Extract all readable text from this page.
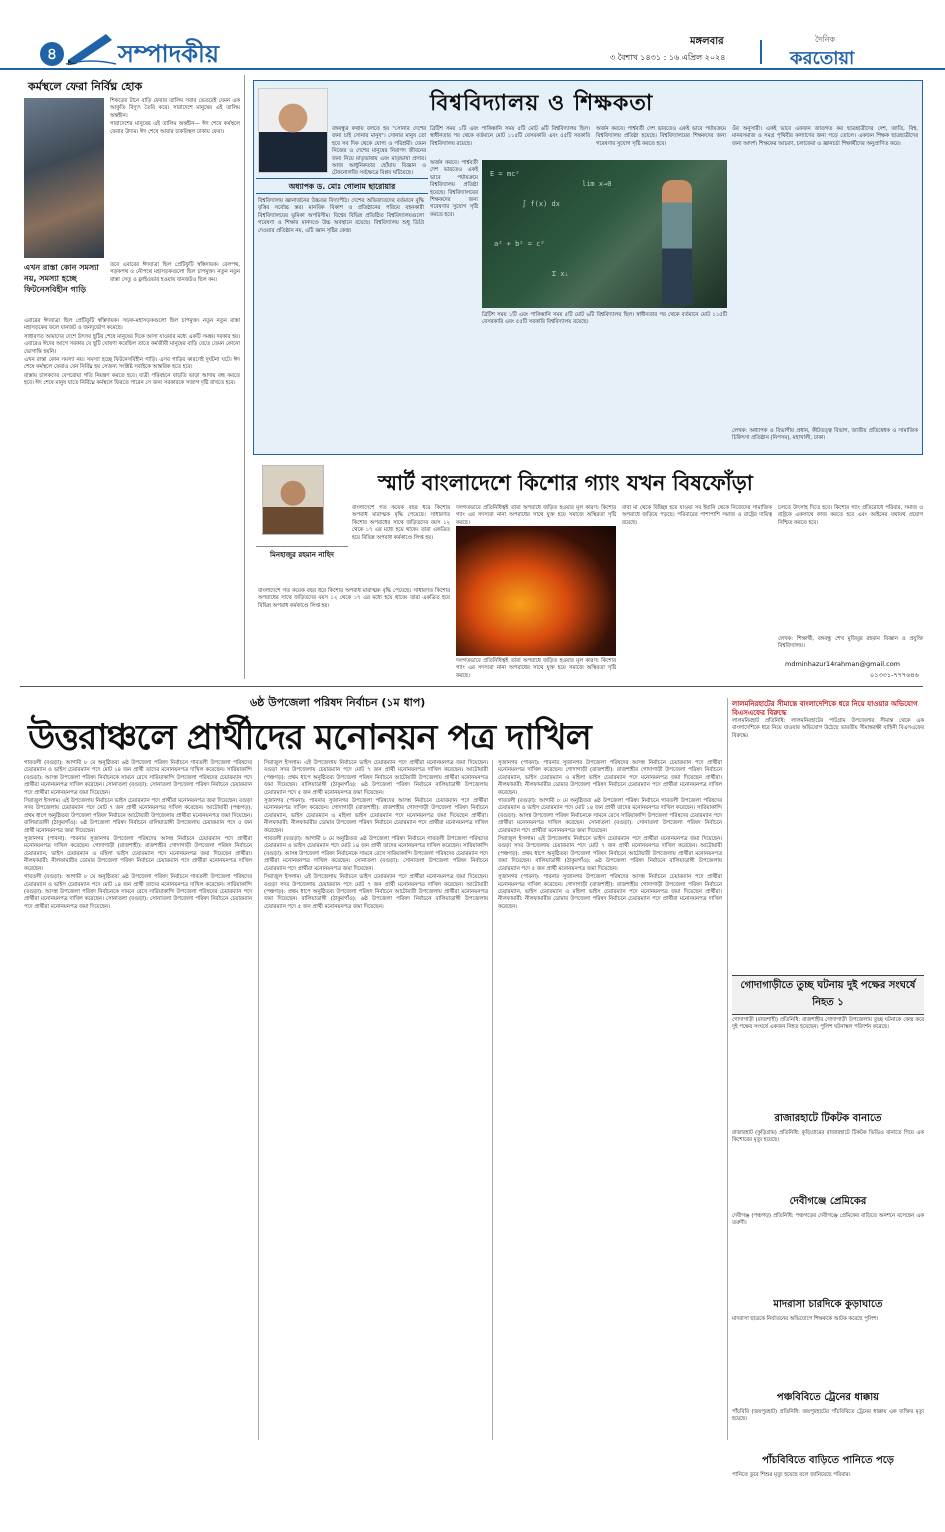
৪	সম্পাদকীয়	মঙ্গলবার
৩ বৈশাখ ১৪৩১ : ১৬ এপ্রিল ২০২৪
দৈনিক
করতোয়া
কর্মস্থলে ফেরা নির্বিঘ্ন হোক

শিকড়ের টানে বাড়ি ফেরার তালিম সবার ভেতরেই যেমন এক আকুতি বিদ্যুৎ তৈরি করে। সারাদেশে মানুষের এই তালিম অন্তহীন।

সারাদেশের মানুষের এই তালিম অন্তহীন— ঈদ শেষে কর্মস্থলে ফেরার উদ্যম। ঈদ শেষে আবার চাকরিস্থল ঢাকায় ফেরা।

এখন রাস্তা কোন সমস্যা নয়, সমস্যা হচ্ছে ফিটনেসবিহীন গাড়ি

তবে এবারের ঈদযাত্রা ছিল প্রেটিফুটি স্বস্তিদায়ক। রেলপথ, সড়কপথ ও নৌপথে মহাসড়কগুলো ছিল চাপমুক্ত। নতুন নতুন রাস্তা সেতু ও ফ্লাইওভার হওয়ায় যানজটও ছিল কম।

এবারের ঈদযাত্রা ছিল প্রেটিফুটি স্বস্তিদায়ক। সড়ক-মহাসড়কগুলো ছিল চাপমুক্ত। নতুন নতুন রাস্তা মহাসড়কের ফলে যানজট ও জনদুর্ভোগ কমেছে।

সাধারণত আমাদের দেশে উৎসব ছুটির শেষে মানুষের দিকে আসা যাওয়ার মধ্যে একটি সমন্বয় দরকার হয়। এবারেও ঈদের আগে সরকার যে ছুটি ঘোষণা করেছিল তাতে কর্মজীবী মানুষের বাড়ি যেতে তেমন কোনো ভোগান্তি হয়নি।

এখন রাস্তা কোন সমস্যা নয়। সমস্যা হচ্ছে ফিটনেসবিহীন গাড়ি। এসব গাড়ির কারণেই দুর্ঘটনা ঘটে। ঈদ শেষে কর্মস্থলে ফেরাও যেন নির্বিঘ্ন হয় সেজন্য সংশ্লিষ্ট সবাইকে আন্তরিক হতে হবে।

রাস্তায় চালকদের বেপরোয়া গতি নিয়ন্ত্রণ করতে হবে। যাত্রী পরিবহনে বাড়তি ভাড়া আদায় বন্ধ করতে হবে। ঈদ শেষে মানুষ যাতে নির্বিঘ্নে কর্মস্থলে ফিরতে পারেন সে জন্য সরকারকে সজাগ দৃষ্টি রাখতে হবে।

বিশ্ববিদ্যালয় ও শিক্ষকতা
বঙ্গবন্ধুর কথায় বলতে হয় "সোনার দেশের জন্য চাই সোনার মানুষ"। সোনার মানুষ তো হবে সব দিক থেকে যোগ্য ও পরিশ্রমী। যেমন নিজের ও দেশের মানুষের নিরাপদ জীবনের জন্য নিয়ে মাতৃভাষায় এবং মাতৃভাষা প্রসার। আজ আধুনিকতার ছোঁয়ায় বিজ্ঞান ও টেকনোলজি সর্বক্ষেত্রে বিপ্লব ঘটিয়েছে।
অধ্যাপক ড. মোঃ গোলাম ছারোয়ার
বিশ্ববিদ্যালয় জ্ঞানার্জনের উচ্চতর বিদ্যাপীঠ। দেশের অভিজাতদের বর্তমানে বুদ্ধি বৃত্তির সর্বোচ্চ স্তর। মানবিক বিকাশ ও প্রতিষ্ঠানের পরিচয় বহনকারী বিশ্ববিদ্যালয়ের ভূমিকা অপরিসীম। বিশ্বের বিভিন্ন প্রতিষ্ঠিত বিশ্ববিদ্যালয়গুলো গবেষণা ও শিক্ষার মানদণ্ডে উচ্চ অবস্থানে রয়েছে। বিশ্ববিদ্যালয় শুধু ডিগ্রি দেওয়ার প্রতিষ্ঠান নয়, এটি জ্ঞান সৃষ্টির কেন্দ্র।
ব্রিটিশ সময় ১টি এবং পাকিস্তানি সময় ৫টি মোট ৬টি বিশ্ববিদ্যালয় ছিল। স্বাধীনতার পর থেকে বর্তমানে মোট ১১৫টি বেসরকারি এবং ৫৫টি সরকারি বিশ্ববিদ্যালয় রয়েছে।
অর্জন করবে। পার্শ্ববর্তী দেশ ভারতেও একই ভাবে পর্যায়ক্রমে বিশ্ববিদ্যালয় প্রতিষ্ঠা হয়েছে। বিশ্ববিদ্যালয়ের শিক্ষকদের জন্য গবেষণার সুযোগ সৃষ্টি করতে হবে।
E = mc²
∫ f(x) dx
a² + b² = c²
Σ xᵢ
lim x→0
অর্জন করবে। পার্শ্ববর্তী দেশ ভারতেও একই ভাবে পর্যায়ক্রমে বিশ্ববিদ্যালয় প্রতিষ্ঠা হয়েছে। বিশ্ববিদ্যালয়ের শিক্ষকদের জন্য গবেষণার সুযোগ সৃষ্টি করতে হবে।
ব্রিটিশ সময় ১টি এবং পাকিস্তানি সময় ৫টি মোট ৬টি বিশ্ববিদ্যালয় ছিল। স্বাধীনতার পর থেকে বর্তমানে মোট ১১৫টি বেসরকারি এবং ৫৫টি সরকারি বিশ্ববিদ্যালয় রয়েছে।
ওঁর অনুসারী। একই ভাবে একজন জাতগত কর ছাত্রছাত্রীদের দেশ, জাতি, বিশ্ব, মানবসমাজ ও সমগ্র পৃথিবীর কল্যাণের জন্য গড়ে তোলে। একজন শিক্ষক ছাত্রছাত্রীদের জন্য আদর্শ। শিক্ষকের আচরণ, চলাফেরা ও জ্ঞানচর্চা শিক্ষার্থীদের অনুপ্রাণিত করে।
লেখক: অধ্যাপক ও বিভাগীয় প্রধান, কীটতত্ত্ব বিভাগ, জাতীয় প্রতিষেধক ও সামাজিক চিকিৎসা প্রতিষ্ঠান (নিপসম), মহাখালী, ঢাকা।
স্মার্ট বাংলাদেশে কিশোর গ্যাং যখন বিষফোঁড়া
মিনহাজুর রহমান নাহিদ
বাংলাদেশে গত কয়েক বছর ধরে কিশোর অপরাধ মারাত্মক বৃদ্ধি পেয়েছে। সাধারণত কিশোর অপরাধের সাথে জড়িতদের বয়স ১২ থেকে ১৭ এর মধ্যে হয়ে থাকে। তারা একত্রিত হয়ে বিভিন্ন অপরাধ কর্মকাণ্ডে লিপ্ত হয়।
বাংলাদেশে গত কয়েক বছর ধরে কিশোর অপরাধ মারাত্মক বৃদ্ধি পেয়েছে। সাধারণত কিশোর অপরাধের সাথে জড়িতদের বয়স ১২ থেকে ১৭ এর মধ্যে হয়ে থাকে। তারা একত্রিত হয়ে বিভিন্ন অপরাধ কর্মকাণ্ডে লিপ্ত হয়।
দলগতভাবে প্রতিনিধিত্বই তারা অপরাধে জড়িত হওয়ার মূল কারণ। কিশোর গ্যাং এর সদস্যরা নানা অপরাধের সাথে যুক্ত হয়ে সমাজে অস্থিরতা সৃষ্টি করছে।
দলগতভাবে প্রতিনিধিত্বই তারা অপরাধে জড়িত হওয়ার মূল কারণ। কিশোর গ্যাং এর সদস্যরা নানা অপরাধের সাথে যুক্ত হয়ে সমাজে অস্থিরতা সৃষ্টি করছে।
বাবা মা থেকে বিচ্ছিন্ন হয়ে যাওয়া সব ইয়ানি থেকে নিজেদের সামাজিক অপরাধে জড়িয়ে পড়ছে। পরিবারের পাশাপাশি সমাজ ও রাষ্ট্রের দায়িত্ব রয়েছে।
চলতে উৎসাহ দিতে হবে। কিশোর গ্যাং প্রতিরোধে পরিবার, সমাজ ও রাষ্ট্রকে একসাথে কাজ করতে হবে এবং আইনের যথাযথ প্রয়োগ নিশ্চিত করতে হবে।
লেখক: শিক্ষার্থী, বঙ্গবন্ধু শেখ মুজিবুর রহমান বিজ্ঞান ও প্রযুক্তি বিশ্ববিদ্যালয়।
mdminhazur14rahman@gmail.com
০১৩৩১-৭৭৭৬৪৬
৬ষ্ঠ উপজেলা পরিষদ নির্বাচন (১ম ধাপ)
উত্তরাঞ্চলে প্রার্থীদের মনোনয়ন পত্র দাখিল

গাবতলী (বগুড়া): আগামী ৮ মে অনুষ্ঠিতব্য ৬ষ্ঠ উপজেলা পরিষদ নির্বাচনে গাবতলী উপজেলা পরিষদের চেয়ারম্যান ও ভাইস চেয়ারম্যান পদে মোট ১৪ জন প্রার্থী তাদের মনোনয়নপত্র দাখিল করেছেন। সারিয়াকান্দি (বগুড়া): আসন্ন উপজেলা পরিষদ নির্বাচনকে সামনে রেখে সারিয়াকান্দি উপজেলা পরিষদের চেয়ারম্যান পদে প্রার্থীরা মনোনয়নপত্র দাখিল করেছেন। সোনাতলা (বগুড়া): সোনাতলা উপজেলা পরিষদ নির্বাচনে চেয়ারম্যান পদে প্রার্থীরা মনোনয়নপত্র জমা দিয়েছেন।

সিরাজুল ইসলাম। এই উপজেলায় নির্বাচনে ভাইস চেয়ারম্যান পদে প্রার্থীরা মনোনয়নপত্র জমা দিয়েছেন। বগুড়া সদর উপজেলায় চেয়ারম্যান পদে মোট ৭ জন প্রার্থী মনোনয়নপত্র দাখিল করেছেন। আটোয়ারী (পঞ্চগড়): প্রথম ধাপে অনুষ্ঠিতব্য উপজেলা পরিষদ নির্বাচনে আটোয়ারী উপজেলায় প্রার্থীরা মনোনয়নপত্র জমা দিয়েছেন। বালিয়াডাঙ্গী (ঠাকুরগাঁও): ৬ষ্ঠ উপজেলা পরিষদ নির্বাচনে বালিয়াডাঙ্গী উপজেলায় চেয়ারম্যান পদে ৫ জন প্রার্থী মনোনয়নপত্র জমা দিয়েছেন।

সুজানগর (পাবনা): পাবনার সুজানগর উপজেলা পরিষদের আসন্ন নির্বাচনে চেয়ারম্যান পদে প্রার্থীরা মনোনয়নপত্র দাখিল করেছেন। গোদাগাড়ী (রাজশাহী): রাজশাহীর গোদাগাড়ী উপজেলা পরিষদ নির্বাচনে চেয়ারম্যান, ভাইস চেয়ারম্যান ও মহিলা ভাইস চেয়ারম্যান পদে মনোনয়নপত্র জমা দিয়েছেন প্রার্থীরা। নীলফামারী: নীলফামারীর ডোমার উপজেলা পরিষদ নির্বাচনে চেয়ারম্যান পদে প্রার্থীরা মনোনয়নপত্র দাখিল করেছেন।

গাবতলী (বগুড়া): আগামী ৮ মে অনুষ্ঠিতব্য ৬ষ্ঠ উপজেলা পরিষদ নির্বাচনে গাবতলী উপজেলা পরিষদের চেয়ারম্যান ও ভাইস চেয়ারম্যান পদে মোট ১৪ জন প্রার্থী তাদের মনোনয়নপত্র দাখিল করেছেন। সারিয়াকান্দি (বগুড়া): আসন্ন উপজেলা পরিষদ নির্বাচনকে সামনে রেখে সারিয়াকান্দি উপজেলা পরিষদের চেয়ারম্যান পদে প্রার্থীরা মনোনয়নপত্র দাখিল করেছেন। সোনাতলা (বগুড়া): সোনাতলা উপজেলা পরিষদ নির্বাচনে চেয়ারম্যান পদে প্রার্থীরা মনোনয়নপত্র জমা দিয়েছেন।

সিরাজুল ইসলাম। এই উপজেলায় নির্বাচনে ভাইস চেয়ারম্যান পদে প্রার্থীরা মনোনয়নপত্র জমা দিয়েছেন। বগুড়া সদর উপজেলায় চেয়ারম্যান পদে মোট ৭ জন প্রার্থী মনোনয়নপত্র দাখিল করেছেন। আটোয়ারী (পঞ্চগড়): প্রথম ধাপে অনুষ্ঠিতব্য উপজেলা পরিষদ নির্বাচনে আটোয়ারী উপজেলায় প্রার্থীরা মনোনয়নপত্র জমা দিয়েছেন। বালিয়াডাঙ্গী (ঠাকুরগাঁও): ৬ষ্ঠ উপজেলা পরিষদ নির্বাচনে বালিয়াডাঙ্গী উপজেলায় চেয়ারম্যান পদে ৫ জন প্রার্থী মনোনয়নপত্র জমা দিয়েছেন।

সুজানগর (পাবনা): পাবনার সুজানগর উপজেলা পরিষদের আসন্ন নির্বাচনে চেয়ারম্যান পদে প্রার্থীরা মনোনয়নপত্র দাখিল করেছেন। গোদাগাড়ী (রাজশাহী): রাজশাহীর গোদাগাড়ী উপজেলা পরিষদ নির্বাচনে চেয়ারম্যান, ভাইস চেয়ারম্যান ও মহিলা ভাইস চেয়ারম্যান পদে মনোনয়নপত্র জমা দিয়েছেন প্রার্থীরা। নীলফামারী: নীলফামারীর ডোমার উপজেলা পরিষদ নির্বাচনে চেয়ারম্যান পদে প্রার্থীরা মনোনয়নপত্র দাখিল করেছেন।

গাবতলী (বগুড়া): আগামী ৮ মে অনুষ্ঠিতব্য ৬ষ্ঠ উপজেলা পরিষদ নির্বাচনে গাবতলী উপজেলা পরিষদের চেয়ারম্যান ও ভাইস চেয়ারম্যান পদে মোট ১৪ জন প্রার্থী তাদের মনোনয়নপত্র দাখিল করেছেন। সারিয়াকান্দি (বগুড়া): আসন্ন উপজেলা পরিষদ নির্বাচনকে সামনে রেখে সারিয়াকান্দি উপজেলা পরিষদের চেয়ারম্যান পদে প্রার্থীরা মনোনয়নপত্র দাখিল করেছেন। সোনাতলা (বগুড়া): সোনাতলা উপজেলা পরিষদ নির্বাচনে চেয়ারম্যান পদে প্রার্থীরা মনোনয়নপত্র জমা দিয়েছেন।

সিরাজুল ইসলাম। এই উপজেলায় নির্বাচনে ভাইস চেয়ারম্যান পদে প্রার্থীরা মনোনয়নপত্র জমা দিয়েছেন। বগুড়া সদর উপজেলায় চেয়ারম্যান পদে মোট ৭ জন প্রার্থী মনোনয়নপত্র দাখিল করেছেন। আটোয়ারী (পঞ্চগড়): প্রথম ধাপে অনুষ্ঠিতব্য উপজেলা পরিষদ নির্বাচনে আটোয়ারী উপজেলায় প্রার্থীরা মনোনয়নপত্র জমা দিয়েছেন। বালিয়াডাঙ্গী (ঠাকুরগাঁও): ৬ষ্ঠ উপজেলা পরিষদ নির্বাচনে বালিয়াডাঙ্গী উপজেলায় চেয়ারম্যান পদে ৫ জন প্রার্থী মনোনয়নপত্র জমা দিয়েছেন।

সুজানগর (পাবনা): পাবনার সুজানগর উপজেলা পরিষদের আসন্ন নির্বাচনে চেয়ারম্যান পদে প্রার্থীরা মনোনয়নপত্র দাখিল করেছেন। গোদাগাড়ী (রাজশাহী): রাজশাহীর গোদাগাড়ী উপজেলা পরিষদ নির্বাচনে চেয়ারম্যান, ভাইস চেয়ারম্যান ও মহিলা ভাইস চেয়ারম্যান পদে মনোনয়নপত্র জমা দিয়েছেন প্রার্থীরা। নীলফামারী: নীলফামারীর ডোমার উপজেলা পরিষদ নির্বাচনে চেয়ারম্যান পদে প্রার্থীরা মনোনয়নপত্র দাখিল করেছেন।

গাবতলী (বগুড়া): আগামী ৮ মে অনুষ্ঠিতব্য ৬ষ্ঠ উপজেলা পরিষদ নির্বাচনে গাবতলী উপজেলা পরিষদের চেয়ারম্যান ও ভাইস চেয়ারম্যান পদে মোট ১৪ জন প্রার্থী তাদের মনোনয়নপত্র দাখিল করেছেন। সারিয়াকান্দি (বগুড়া): আসন্ন উপজেলা পরিষদ নির্বাচনকে সামনে রেখে সারিয়াকান্দি উপজেলা পরিষদের চেয়ারম্যান পদে প্রার্থীরা মনোনয়নপত্র দাখিল করেছেন। সোনাতলা (বগুড়া): সোনাতলা উপজেলা পরিষদ নির্বাচনে চেয়ারম্যান পদে প্রার্থীরা মনোনয়নপত্র জমা দিয়েছেন।

সিরাজুল ইসলাম। এই উপজেলায় নির্বাচনে ভাইস চেয়ারম্যান পদে প্রার্থীরা মনোনয়নপত্র জমা দিয়েছেন। বগুড়া সদর উপজেলায় চেয়ারম্যান পদে মোট ৭ জন প্রার্থী মনোনয়নপত্র দাখিল করেছেন। আটোয়ারী (পঞ্চগড়): প্রথম ধাপে অনুষ্ঠিতব্য উপজেলা পরিষদ নির্বাচনে আটোয়ারী উপজেলায় প্রার্থীরা মনোনয়নপত্র জমা দিয়েছেন। বালিয়াডাঙ্গী (ঠাকুরগাঁও): ৬ষ্ঠ উপজেলা পরিষদ নির্বাচনে বালিয়াডাঙ্গী উপজেলায় চেয়ারম্যান পদে ৫ জন প্রার্থী মনোনয়নপত্র জমা দিয়েছেন।

সুজানগর (পাবনা): পাবনার সুজানগর উপজেলা পরিষদের আসন্ন নির্বাচনে চেয়ারম্যান পদে প্রার্থীরা মনোনয়নপত্র দাখিল করেছেন। গোদাগাড়ী (রাজশাহী): রাজশাহীর গোদাগাড়ী উপজেলা পরিষদ নির্বাচনে চেয়ারম্যান, ভাইস চেয়ারম্যান ও মহিলা ভাইস চেয়ারম্যান পদে মনোনয়নপত্র জমা দিয়েছেন প্রার্থীরা। নীলফামারী: নীলফামারীর ডোমার উপজেলা পরিষদ নির্বাচনে চেয়ারম্যান পদে প্রার্থীরা মনোনয়নপত্র দাখিল করেছেন।

লালমনিরহাটের সীমান্তে বাংলাদেশিকে ধরে নিয়ে যাওয়ার অভিযোগ বিএসএফের বিরুদ্ধে
লালমনিরহাট প্রতিনিধি: লালমনিরহাটের পাটগ্রাম উপজেলার সীমান্ত থেকে এক বাংলাদেশিকে ধরে নিয়ে যাওয়ার অভিযোগ উঠেছে ভারতীয় সীমান্তরক্ষী বাহিনী বিএসএফের বিরুদ্ধে।
গোদাগাড়ীতে তুচ্ছ ঘটনায় দুই পক্ষের সংঘর্ষে নিহত ১
গোদাগাড়ী (রাজশাহী) প্রতিনিধি: রাজশাহীর গোদাগাড়ী উপজেলায় তুচ্ছ ঘটনাকে কেন্দ্র করে দুই পক্ষের সংঘর্ষে একজন নিহত হয়েছেন। পুলিশ ঘটনাস্থল পরিদর্শন করেছে।
রাজারহাটে টিকটক বানাতে
রাজারহাট (কুড়িগ্রাম) প্রতিনিধি: কুড়িগ্রামের রাজারহাটে টিকটক ভিডিও বানাতে গিয়ে এক কিশোরের মৃত্যু হয়েছে।
দেবীগঞ্জে প্রেমিকের
দেবীগঞ্জ (পঞ্চগড়) প্রতিনিধি: পঞ্চগড়ের দেবীগঞ্জে প্রেমিকের বাড়িতে অনশনে বসেছেন এক তরুণী।
মাদরাসা চারদিকে কুড়াঘাতে
মাদরাসা ছাত্রকে নির্যাতনের অভিযোগে শিক্ষককে আটক করেছে পুলিশ।
পঞ্চবিবিতে ট্রেনের ধাক্কায়
পাঁচবিবি (জয়পুরহাট) প্রতিনিধি: জয়পুরহাটের পাঁচবিবিতে ট্রেনের ধাক্কায় এক ব্যক্তির মৃত্যু হয়েছে।
পাঁচবিবিতে বাড়িতে পানিতে পড়ে
পানিতে ডুবে শিশুর মৃত্যু হয়েছে বলে জানিয়েছে পরিবার।
